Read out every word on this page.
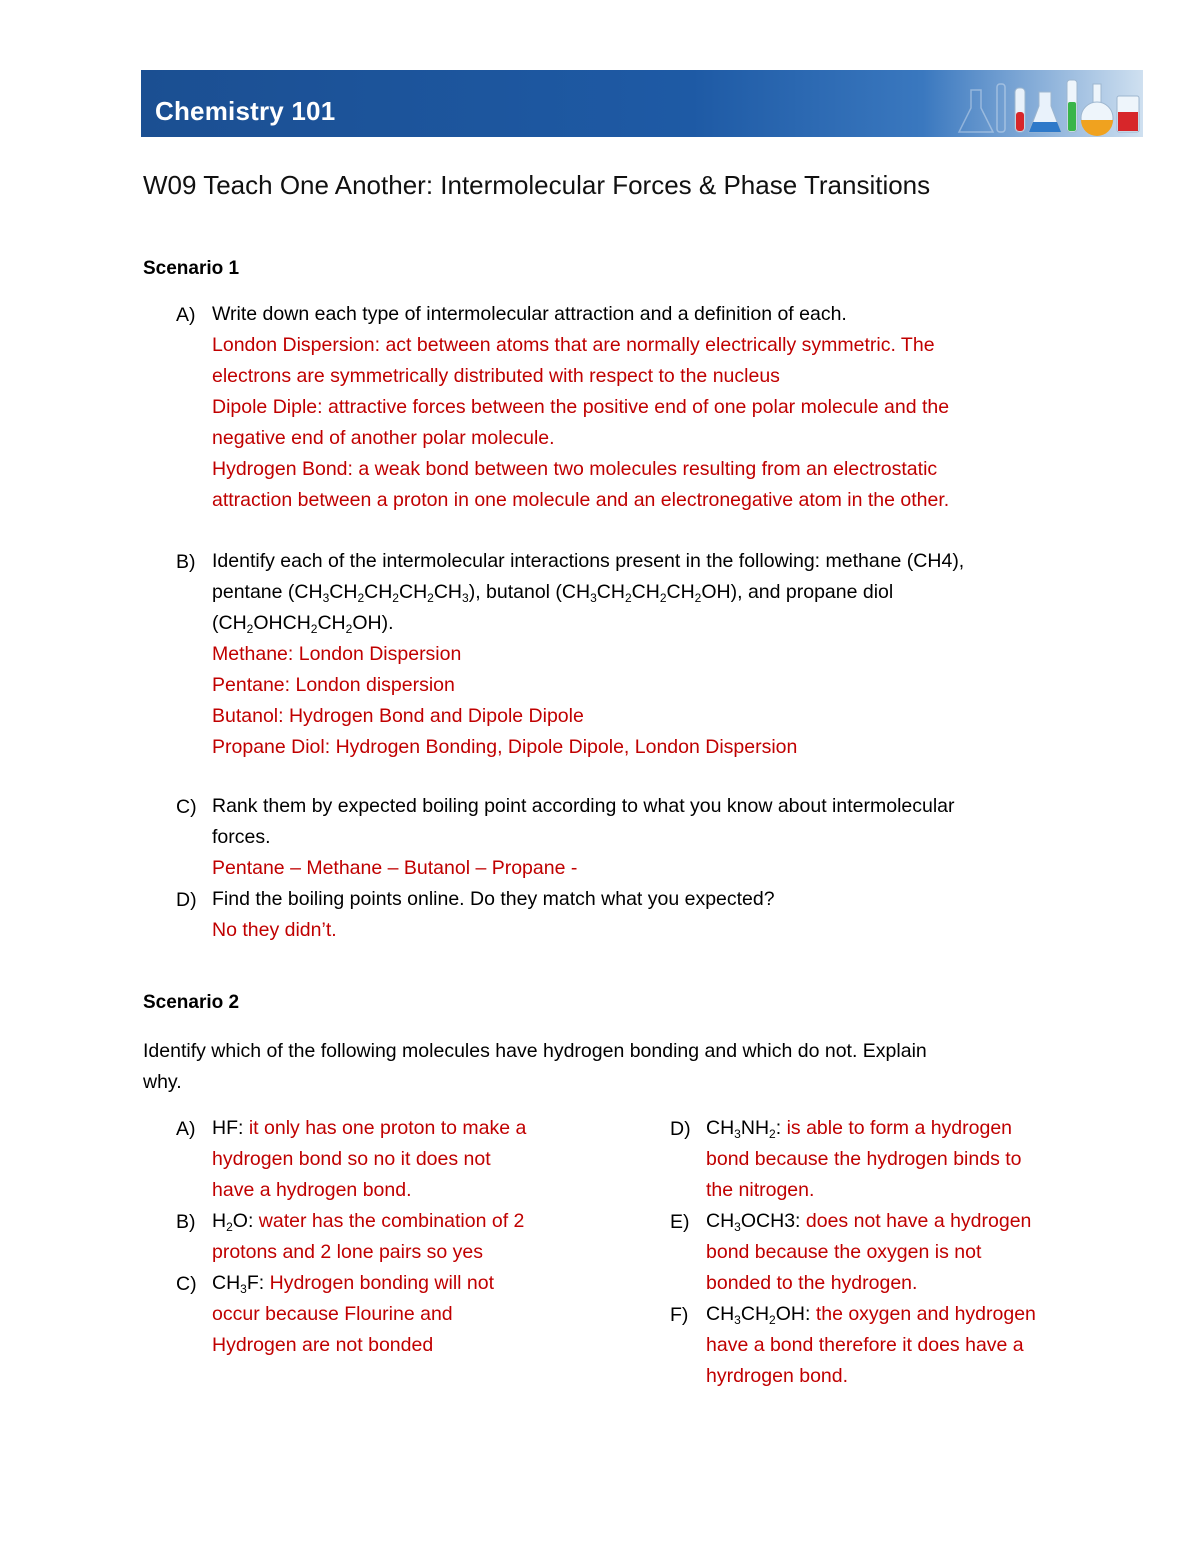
Chemistry 101
W09 Teach One Another: Intermolecular Forces & Phase Transitions
Scenario 1
A) Write down each type of intermolecular attraction and a definition of each.
London Dispersion: act between atoms that are normally electrically symmetric. The
electrons are symmetrically distributed with respect to the nucleus
Dipole Diple: attractive forces between the positive end of one polar molecule and the
negative end of another polar molecule.
Hydrogen Bond: a weak bond between two molecules resulting from an electrostatic
attraction between a proton in one molecule and an electronegative atom in the other.
B) Identify each of the intermolecular interactions present in the following: methane (CH4),
pentane $(CH_3CH_2CH_2CH_2CH_3)$, butanol $(CH_3CH_2CH_2CH_2OH)$, and propane diol
$(CH_2OHCH_2CH_2OH)$.
Methane: London Dispersion
Pentane: London dispersion
Butanol: Hydrogen Bond and Dipole Dipole
Propane Diol: Hydrogen Bonding, Dipole Dipole, London Dispersion
C) Rank them by expected boiling point according to what you know about intermolecular
forces.
Pentane – Methane – Butanol – Propane -
D) Find the boiling points online. Do they match what you expected?
No they didn’t.
Scenario 2
Identify which of the following molecules have hydrogen bonding and which do not. Explain
why.
A) HF: it only has one proton to make a
hydrogen bond so no it does not
have a hydrogen bond.
B) $H_2O$: water has the combination of 2
protons and 2 lone pairs so yes
C) $CH_3F$: Hydrogen bonding will not
occur because Flourine and
Hydrogen are not bonded
D) $CH_3NH_2$: is able to form a hydrogen
bond because the hydrogen binds to
the nitrogen.
E) $CH_3OCH3$: does not have a hydrogen
bond because the oxygen is not
bonded to the hydrogen.
F) $CH_3CH_2OH$: the oxygen and hydrogen
have a bond therefore it does have a
hyrdrogen bond.
